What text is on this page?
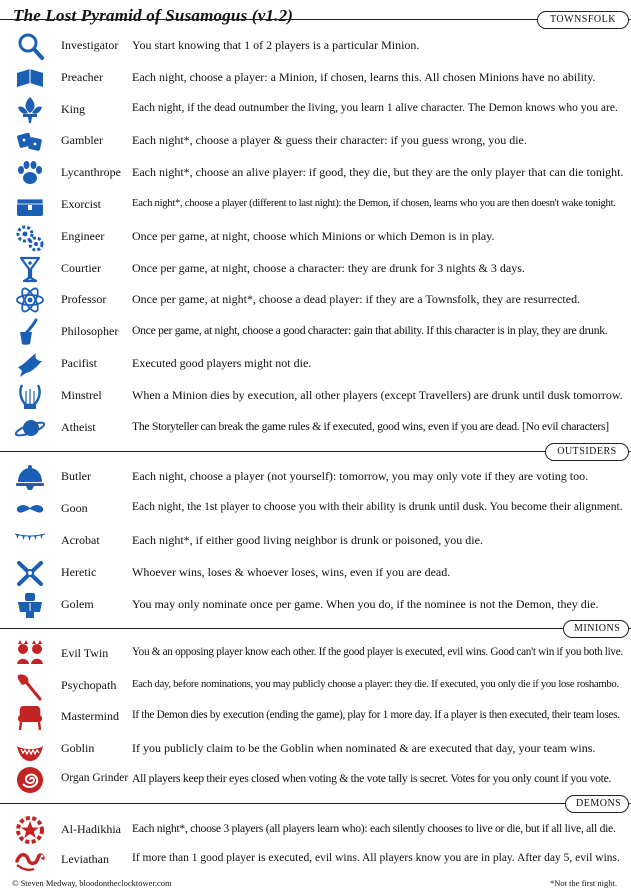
The Lost Pyramid of Susamogus (v1.2)	TOWNSFOLK
Investigator You start knowing that 1 of 2 players is a particular Minion.
Preacher Each night, choose a player: a Minion, if chosen, learns this. All chosen Minions have no ability.
King	Each night, if the dead outnumber the living, you learn 1 alive character. The Demon knows who you are.
Gambler Each night*, choose a player & guess their character: if you guess wrong, you die.
Lycanthrope Each night*, choose an alive player: if good, they die, but they are the only player that can die tonight.
Exorcist	Each night*, choose a player (different to last night): the Demon, if chosen, learns who you are then doesn't wake tonight.
Engineer Once per game, at night, choose which Minions or which Demon is in play.
Courtier	Once per game, at night, choose a character: they are drunk for 3 nights & 3 days.
Professor Once per game, at night*, choose a dead player: if they are a Townsfolk, they are resurrected.
Philosopher Once per game, at night, choose a good character: gain that ability. If this character is in play, they are drunk.
Pacifist	Executed good players might not die.
Minstrel	When a Minion dies by execution, all other players (except Travellers) are drunk until dusk tomorrow.
Atheist	The Storyteller can break the game rules & if executed, good wins, even if you are dead. [No evil characters]
OUTSIDERS
Butler	Each night, choose a player (not yourself): tomorrow, you may only vote if they are voting too.
Goon	Each night, the 1st player to choose you with their ability is drunk until dusk. You become their alignment.
Acrobat	Each night*, if either good living neighbor is drunk or poisoned, you die.
Heretic	Whoever wins, loses & whoever loses, wins, even if you are dead.
Golem	You may only nominate once per game. When you do, if the nominee is not the Demon, they die.
MINIONS
Evil Twin You & an opposing player know each other. If the good player is executed, evil wins. Good can't win if you both live.
Psychopath Each day, before nominations, you may publicly choose a player: they die. If executed, you only die if you lose roshambo.
Mastermind If the Demon dies by execution (ending the game), play for 1 more day. If a player is then executed, their team loses.
Goblin	If you publicly claim to be the Goblin when nominated & are executed that day, your team wins.
Organ Grinder All players keep their eyes closed when voting & the vote tally is secret. Votes for you only count if you vote.
DEMONS
Al-Hadikhia Each night*, choose 3 players (all players learn who): each silently chooses to live or die, but if all live, all die.
Leviathan If more than 1 good player is executed, evil wins. All players know you are in play. After day 5, evil wins.
© Steven Medway, bloodontheclocktower.com	*Not the first night.
